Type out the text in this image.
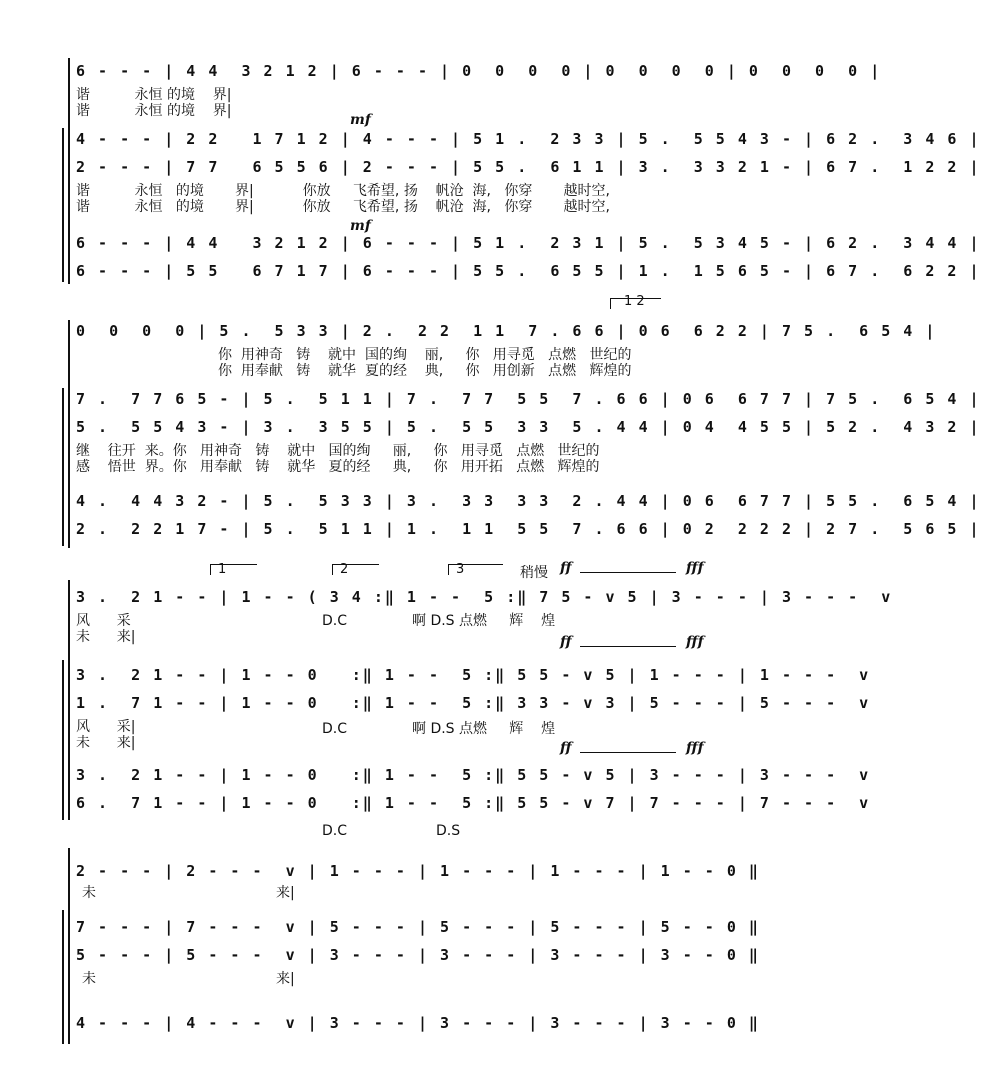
6 - - - | 4 4  3 2 1 2 | 6 - - - | 0  0  0  0 | 0  0  0  0 | 0  0  0  0 |
谐          永恒 的境    界|
谐          永恒 的境    界|
mf
4 - - - | 2 2   1 7 1 2 | 4 - - - | 5 1 .  2 3 3 | 5 .  5 5 4 3 - | 6 2 .  3 4 6 |
2 - - - | 7 7   6 5 5 6 | 2 - - - | 5 5 .  6 1 1 | 3 .  3 3 2 1 - | 6 7 .  1 2 2 |
谐          永恒   的境       界|           你放     飞希望, 扬    帆沧  海,   你穿       越时空,
谐          永恒   的境       界|           你放     飞希望, 扬    帆沧  海,   你穿       越时空,
mf
6 - - - | 4 4   3 2 1 2 | 6 - - - | 5 1 .  2 3 1 | 5 .  5 3 4 5 - | 6 2 .  3 4 4 |
6 - - - | 5 5   6 7 1 7 | 6 - - - | 5 5 .  6 5 5 | 1 .  1 5 6 5 - | 6 7 .  6 2 2 |
1 2
0  0  0  0 | 5 .  5 3 3 | 2 .  2 2  1 1  7 . 6 6 | 0 6  6 2 2 | 7 5 .  6 5 4 |
你  用神奇   铸    就中  国的绚    丽,     你   用寻觅   点燃   世纪的
你  用奉献   铸    就华  夏的经    典,     你   用创新   点燃   辉煌的
7 .  7 7 6 5 - | 5 .  5 1 1 | 7 .  7 7  5 5  7 . 6 6 | 0 6  6 7 7 | 7 5 .  6 5 4 |
5 .  5 5 4 3 - | 3 .  3 5 5 | 5 .  5 5  3 3  5 . 4 4 | 0 4  4 5 5 | 5 2 .  4 3 2 |
继    往开  来。你   用神奇   铸    就中   国的绚     丽,     你   用寻觅   点燃   世纪的
感    悟世  界。你   用奉献   铸    就华   夏的经     典,     你   用开拓   点燃   辉煌的
4 .  4 4 3 2 - | 5 .  5 3 3 | 3 .  3 3  3 3  2 . 4 4 | 0 6  6 7 7 | 5 5 .  6 5 4 |
2 .  2 2 1 7 - | 5 .  5 1 1 | 1 .  1 1  5 5  7 . 6 6 | 0 2  2 2 2 | 2 7 .  5 6 5 |
1	2	3	稍慢 ff	fff
3 .  2 1 - - | 1 - - ( 3 4 :‖ 1 - -  5 :‖ 7 5 - v 5 | 3 - - - | 3 - - -  v
风      采	D.C	啊 D.S 点燃     辉    煌
未      来|	ff	fff
3 .  2 1 - - | 1 - - 0   :‖ 1 - -  5 :‖ 5 5 - v 5 | 1 - - - | 1 - - -  v
1 .  7 1 - - | 1 - - 0   :‖ 1 - -  5 :‖ 3 3 - v 3 | 5 - - - | 5 - - -  v
风      采|	D.C	啊 D.S 点燃     辉    煌
未      来|	ff	fff
3 .  2 1 - - | 1 - - 0   :‖ 1 - -  5 :‖ 5 5 - v 5 | 3 - - - | 3 - - -  v
6 .  7 1 - - | 1 - - 0   :‖ 1 - -  5 :‖ 5 5 - v 7 | 7 - - - | 7 - - -  v
D.C	D.S
2 - - - | 2 - - -  v | 1 - - - | 1 - - - | 1 - - - | 1 - - 0 ‖
未	来|
7 - - - | 7 - - -  v | 5 - - - | 5 - - - | 5 - - - | 5 - - 0 ‖
5 - - - | 5 - - -  v | 3 - - - | 3 - - - | 3 - - - | 3 - - 0 ‖
未	来|
4 - - - | 4 - - -  v | 3 - - - | 3 - - - | 3 - - - | 3 - - 0 ‖
